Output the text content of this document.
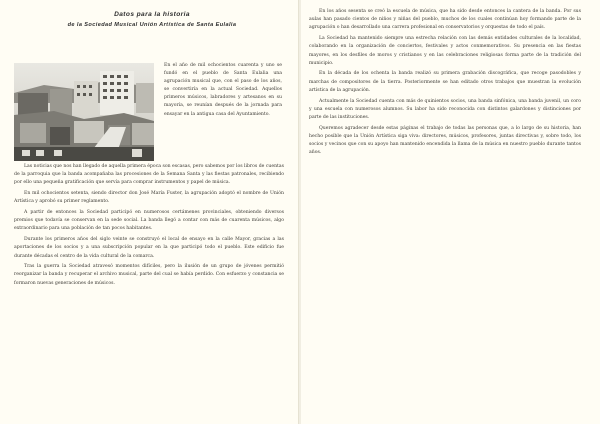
Datos para la historia
de la Sociedad Musical Unión Artística de Santa Eulalia
En el año de mil ochocientos cuarenta y uno se fundó en el pueblo de Santa Eulalia una agrupación musical que, con el paso de los años, se convertiría en la actual Sociedad. Aquellos primeros músicos, labradores y artesanos en su mayoría, se reunían después de la jornada para ensayar en la antigua casa del Ayuntamiento.

Las noticias que nos han llegado de aquella primera época son escasas, pero sabemos por los libros de cuentas de la parroquia que la banda acompañaba las procesiones de la Semana Santa y las fiestas patronales, recibiendo por ello una pequeña gratificación que servía para comprar instrumentos y papel de música.

En mil ochocientos setenta, siendo director don José María Fuster, la agrupación adoptó el nombre de Unión Artística y aprobó su primer reglamento.

A partir de entonces la Sociedad participó en numerosos certámenes provinciales, obteniendo diversos premios que todavía se conservan en la sede social. La banda llegó a contar con más de cuarenta músicos, algo extraordinario para una población de tan pocos habitantes.

Durante los primeros años del siglo veinte se construyó el local de ensayo en la calle Mayor, gracias a las aportaciones de los socios y a una subscripción popular en la que participó todo el pueblo. Este edificio fue durante décadas el centro de la vida cultural de la comarca.

Tras la guerra la Sociedad atravesó momentos difíciles, pero la ilusión de un grupo de jóvenes permitió reorganizar la banda y recuperar el archivo musical, parte del cual se había perdido. Con esfuerzo y constancia se formaron nuevas generaciones de músicos.

En los años sesenta se creó la escuela de música, que ha sido desde entonces la cantera de la banda. Por sus aulas han pasado cientos de niños y niñas del pueblo, muchos de los cuales continúan hoy formando parte de la agrupación o han desarrollado una carrera profesional en conservatorios y orquestas de todo el país.

La Sociedad ha mantenido siempre una estrecha relación con las demás entidades culturales de la localidad, colaborando en la organización de conciertos, festivales y actos conmemorativos. Su presencia en las fiestas mayores, en los desfiles de moros y cristianos y en las celebraciones religiosas forma parte de la tradición del municipio.

En la década de los ochenta la banda realizó su primera grabación discográfica, que recoge pasodobles y marchas de compositores de la tierra. Posteriormente se han editado otros trabajos que muestran la evolución artística de la agrupación.

Actualmente la Sociedad cuenta con más de quinientos socios, una banda sinfónica, una banda juvenil, un coro y una escuela con numerosos alumnos. Su labor ha sido reconocida con distintos galardones y distinciones por parte de las instituciones.

Queremos agradecer desde estas páginas el trabajo de todas las personas que, a lo largo de su historia, han hecho posible que la Unión Artística siga viva: directores, músicos, profesores, juntas directivas y, sobre todo, los socios y vecinos que con su apoyo han mantenido encendida la llama de la música en nuestro pueblo durante tantos años.
